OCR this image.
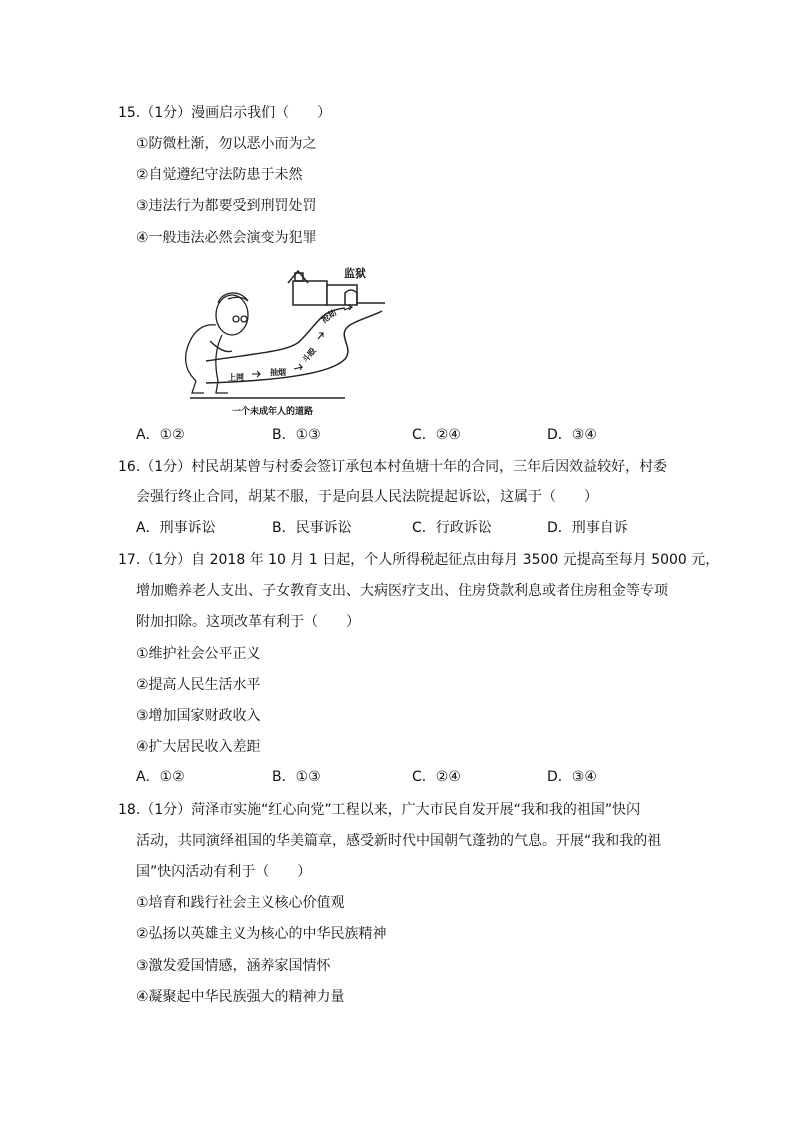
15.（1分）漫画启示我们（　　）
①防微杜渐，勿以恶小而为之
②自觉遵纪守法防患于未然
③违法行为都要受到刑罚处罚
④一般违法必然会演变为犯罪
监狱
上网
抽烟
斗殴
抢劫
一个未成年人的道路
A．①②	B．①③	C．②④	D．③④
16.（1分）村民胡某曾与村委会签订承包本村鱼塘十年的合同，三年后因效益较好，村委
会强行终止合同，胡某不服，于是向县人民法院提起诉讼，这属于（　　）
A．刑事诉讼	B．民事诉讼	C．行政诉讼	D．刑事自诉
17.（1分）自 2018 年 10 月 1 日起，个人所得税起征点由每月 3500 元提高至每月 5000 元，
增加赡养老人支出、子女教育支出、大病医疗支出、住房贷款利息或者住房租金等专项
附加扣除。这项改革有利于（　　）
①维护社会公平正义
②提高人民生活水平
③增加国家财政收入
④扩大居民收入差距
A．①②	B．①③	C．②④	D．③④
18.（1分）菏泽市实施“红心向党”工程以来，广大市民自发开展“我和我的祖国”快闪
活动，共同演绎祖国的华美篇章，感受新时代中国朝气蓬勃的气息。开展“我和我的祖
国”快闪活动有利于（　　）
①培育和践行社会主义核心价值观
②弘扬以英雄主义为核心的中华民族精神
③激发爱国情感，涵养家国情怀
④凝聚起中华民族强大的精神力量
